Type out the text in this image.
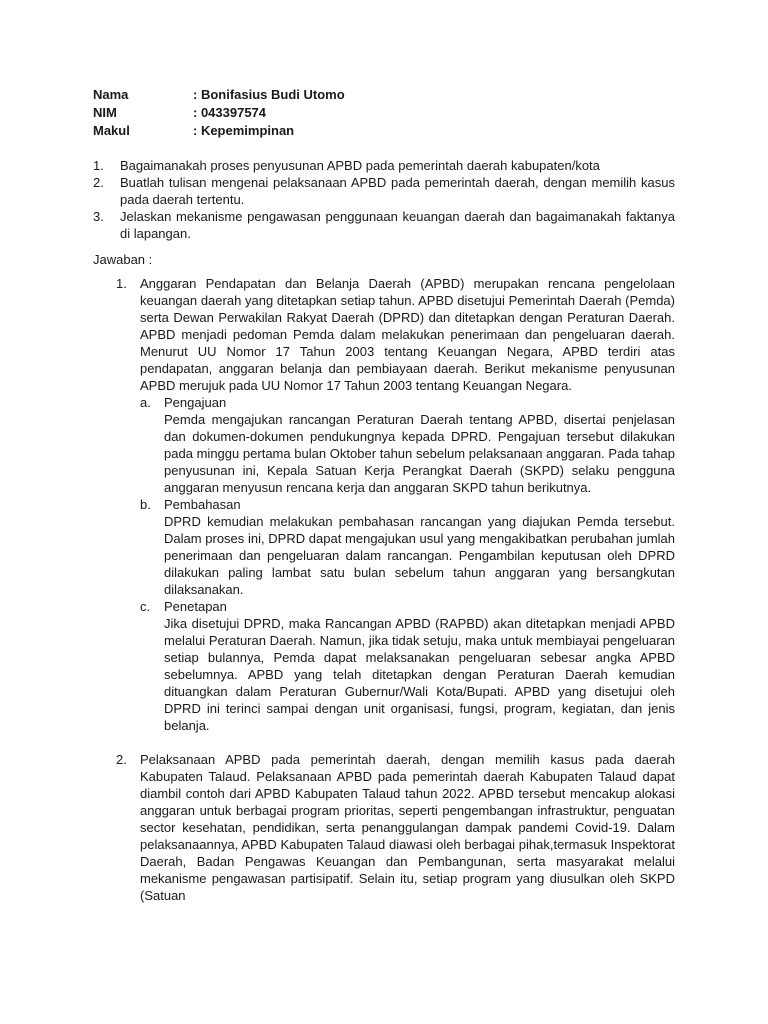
Nama	: Bonifasius Budi Utomo
NIM	: 043397574
Makul	: Kepemimpinan
1.	Bagaimanakah proses penyusunan APBD pada pemerintah daerah kabupaten/kota
2.	Buatlah tulisan mengenai pelaksanaan APBD pada pemerintah daerah, dengan memilih kasus pada daerah tertentu.
3.	Jelaskan mekanisme pengawasan penggunaan keuangan daerah dan bagaimanakah faktanya di lapangan.
Jawaban :
1.	Anggaran Pendapatan dan Belanja Daerah (APBD) merupakan rencana pengelolaan keuangan daerah yang ditetapkan setiap tahun. APBD disetujui Pemerintah Daerah (Pemda) serta Dewan Perwakilan Rakyat Daerah (DPRD) dan ditetapkan dengan Peraturan Daerah. APBD menjadi pedoman Pemda dalam melakukan penerimaan dan pengeluaran daerah. Menurut UU Nomor 17 Tahun 2003 tentang Keuangan Negara, APBD terdiri atas pendapatan, anggaran belanja dan pembiayaan daerah. Berikut mekanisme penyusunan APBD merujuk pada UU Nomor 17 Tahun 2003 tentang Keuangan Negara.
a.	Pengajuan
Pemda mengajukan rancangan Peraturan Daerah tentang APBD, disertai penjelasan dan dokumen-dokumen pendukungnya kepada DPRD. Pengajuan tersebut dilakukan pada minggu pertama bulan Oktober tahun sebelum pelaksanaan anggaran. Pada tahap penyusunan ini, Kepala Satuan Kerja Perangkat Daerah (SKPD) selaku pengguna anggaran menyusun rencana kerja dan anggaran SKPD tahun berikutnya.
b.	Pembahasan
DPRD kemudian melakukan pembahasan rancangan yang diajukan Pemda tersebut. Dalam proses ini, DPRD dapat mengajukan usul yang mengakibatkan perubahan jumlah penerimaan dan pengeluaran dalam rancangan. Pengambilan keputusan oleh DPRD dilakukan paling lambat satu bulan sebelum tahun anggaran yang bersangkutan dilaksanakan.
c.	Penetapan
Jika disetujui DPRD, maka Rancangan APBD (RAPBD) akan ditetapkan menjadi APBD melalui Peraturan Daerah. Namun, jika tidak setuju, maka untuk membiayai pengeluaran setiap bulannya, Pemda dapat melaksanakan pengeluaran sebesar angka APBD sebelumnya. APBD yang telah ditetapkan dengan Peraturan Daerah kemudian dituangkan dalam Peraturan Gubernur/Wali Kota/Bupati. APBD yang disetujui oleh DPRD ini terinci sampai dengan unit organisasi, fungsi, program, kegiatan, dan jenis belanja.
2.	Pelaksanaan APBD pada pemerintah daerah, dengan memilih kasus pada daerah Kabupaten Talaud. Pelaksanaan APBD pada pemerintah daerah Kabupaten Talaud dapat diambil contoh dari APBD Kabupaten Talaud tahun 2022. APBD tersebut mencakup alokasi anggaran untuk berbagai program prioritas, seperti pengembangan infrastruktur, penguatan sector kesehatan, pendidikan, serta penanggulangan dampak pandemi Covid-19. Dalam pelaksanaannya, APBD Kabupaten Talaud diawasi oleh berbagai pihak,termasuk Inspektorat Daerah, Badan Pengawas Keuangan dan Pembangunan, serta masyarakat melalui mekanisme pengawasan partisipatif. Selain itu, setiap program yang diusulkan oleh SKPD (Satuan
